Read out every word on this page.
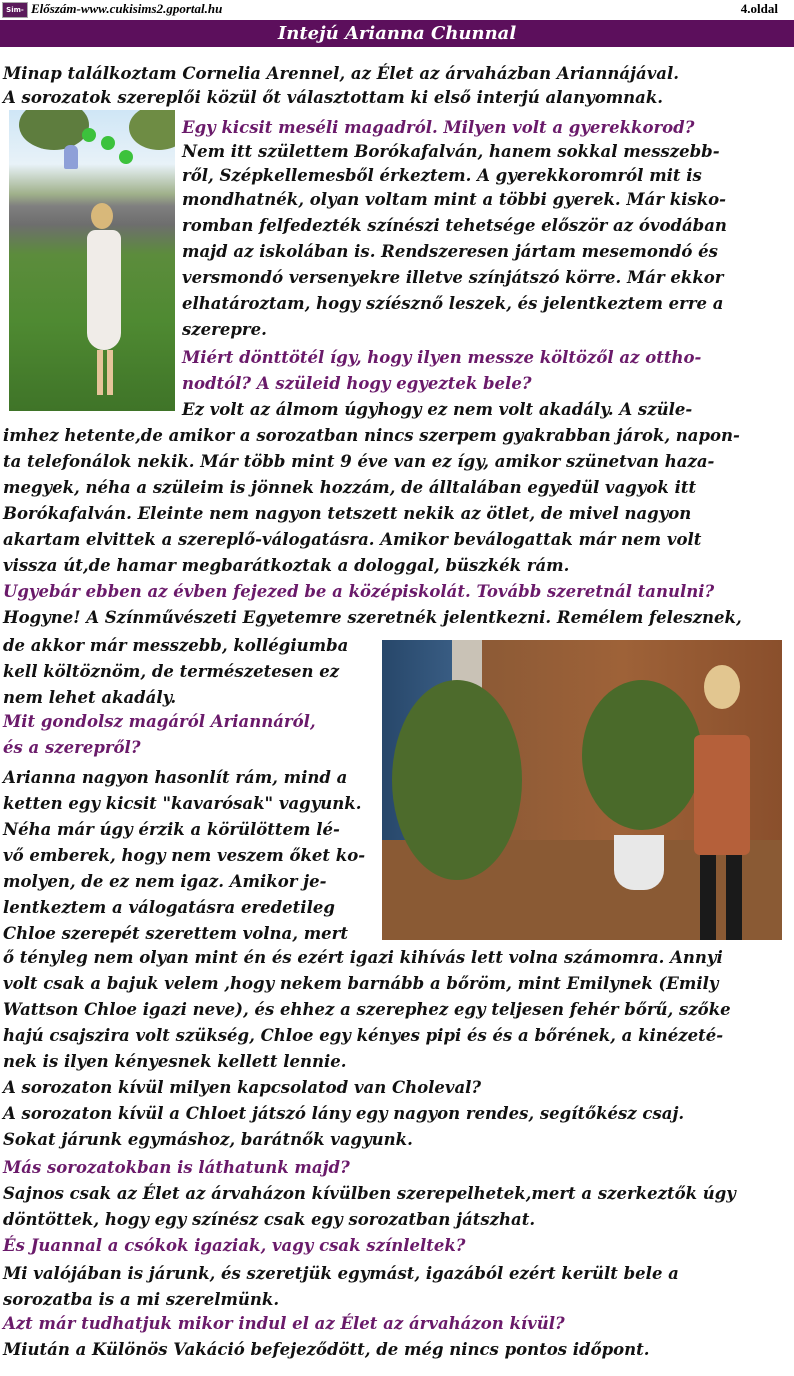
Sim- Előszám-www.cukisims2.gportal.hu	4.oldal
Intejú Arianna Chunnal
Minap találkoztam Cornelia Arennel, az Élet az árvaházban Ariannájával.
A sorozatok szereplői közül őt választottam ki első interjú alanyomnak.
Egy kicsit meséli magadról. Milyen volt a gyerekkorod?
Nem itt születtem Borókafalván, hanem sokkal messzebb-
ről, Szépkellemesből érkeztem. A gyerekkoromról mit is
mondhatnék, olyan voltam mint a többi gyerek. Már kisko-
romban felfedezték színészi tehetsége először az óvodában
majd az iskolában is. Rendszeresen jártam mesemondó és
versmondó versenyekre illetve színjátszó körre. Már ekkor
elhatároztam, hogy szíésznő leszek, és jelentkeztem erre a
szerepre.
Miért dönttötél így, hogy ilyen messze költözől az ottho-
nodtól? A szüleid hogy egyeztek bele?
Ez volt az álmom úgyhogy ez nem volt akadály. A szüle-
imhez hetente,de amikor a sorozatban nincs szerpem gyakrabban járok, napon-
ta telefonálok nekik. Már több mint 9 éve van ez így, amikor szünetvan haza-
megyek, néha a szüleim is jönnek hozzám, de álltalában egyedül vagyok itt
Borókafalván. Eleinte nem nagyon tetszett nekik az ötlet, de mivel nagyon
akartam elvittek a szereplő-válogatásra. Amikor beválogattak már nem volt
vissza út,de hamar megbarátkoztak a dologgal, büszkék rám.
Ugyebár ebben az évben fejezed be a középiskolát. Tovább szeretnál tanulni?
Hogyne! A Színművészeti Egyetemre szeretnék jelentkezni. Remélem felesznek,
de akkor már messzebb, kollégiumba
kell költöznöm, de természetesen ez
nem lehet akadály.
Mit gondolsz magáról Ariannáról,
és a szerepről?
Arianna nagyon hasonlít rám, mind a
ketten egy kicsit "kavarósak" vagyunk.
Néha már úgy érzik a körülöttem lé-
vő emberek, hogy nem veszem őket ko-
molyen, de ez nem igaz. Amikor je-
lentkeztem a válogatásra eredetileg
Chloe szerepét szerettem volna, mert
ő tényleg nem olyan mint én és ezért igazi kihívás lett volna számomra. Annyi
volt csak a bajuk velem ,hogy nekem barnább a bőröm, mint Emilynek (Emily
Wattson Chloe igazi neve), és ehhez a szerephez egy teljesen fehér bőrű, szőke
hajú csajszira volt szükség, Chloe egy kényes pipi és és a bőrének, a kinézeté-
nek is ilyen kényesnek kellett lennie.
A sorozaton kívül milyen kapcsolatod van Choleval?
A sorozaton kívül a Chloet játszó lány egy nagyon rendes, segítőkész csaj.
Sokat járunk egymáshoz, barátnők vagyunk.
Más sorozatokban is láthatunk majd?
Sajnos csak az Élet az árvaházon kívülben szerepelhetek,mert a szerkeztők úgy
döntöttek, hogy egy színész csak egy sorozatban játszhat.
És Juannal a csókok igaziak, vagy csak színleltek?
Mi valójában is járunk, és szeretjük egymást, igazából ezért került bele a
sorozatba is a mi szerelmünk.
Azt már tudhatjuk mikor indul el az Élet az árvaházon kívül?
Miután a Különös Vakáció befejeződött, de még nincs pontos időpont.
